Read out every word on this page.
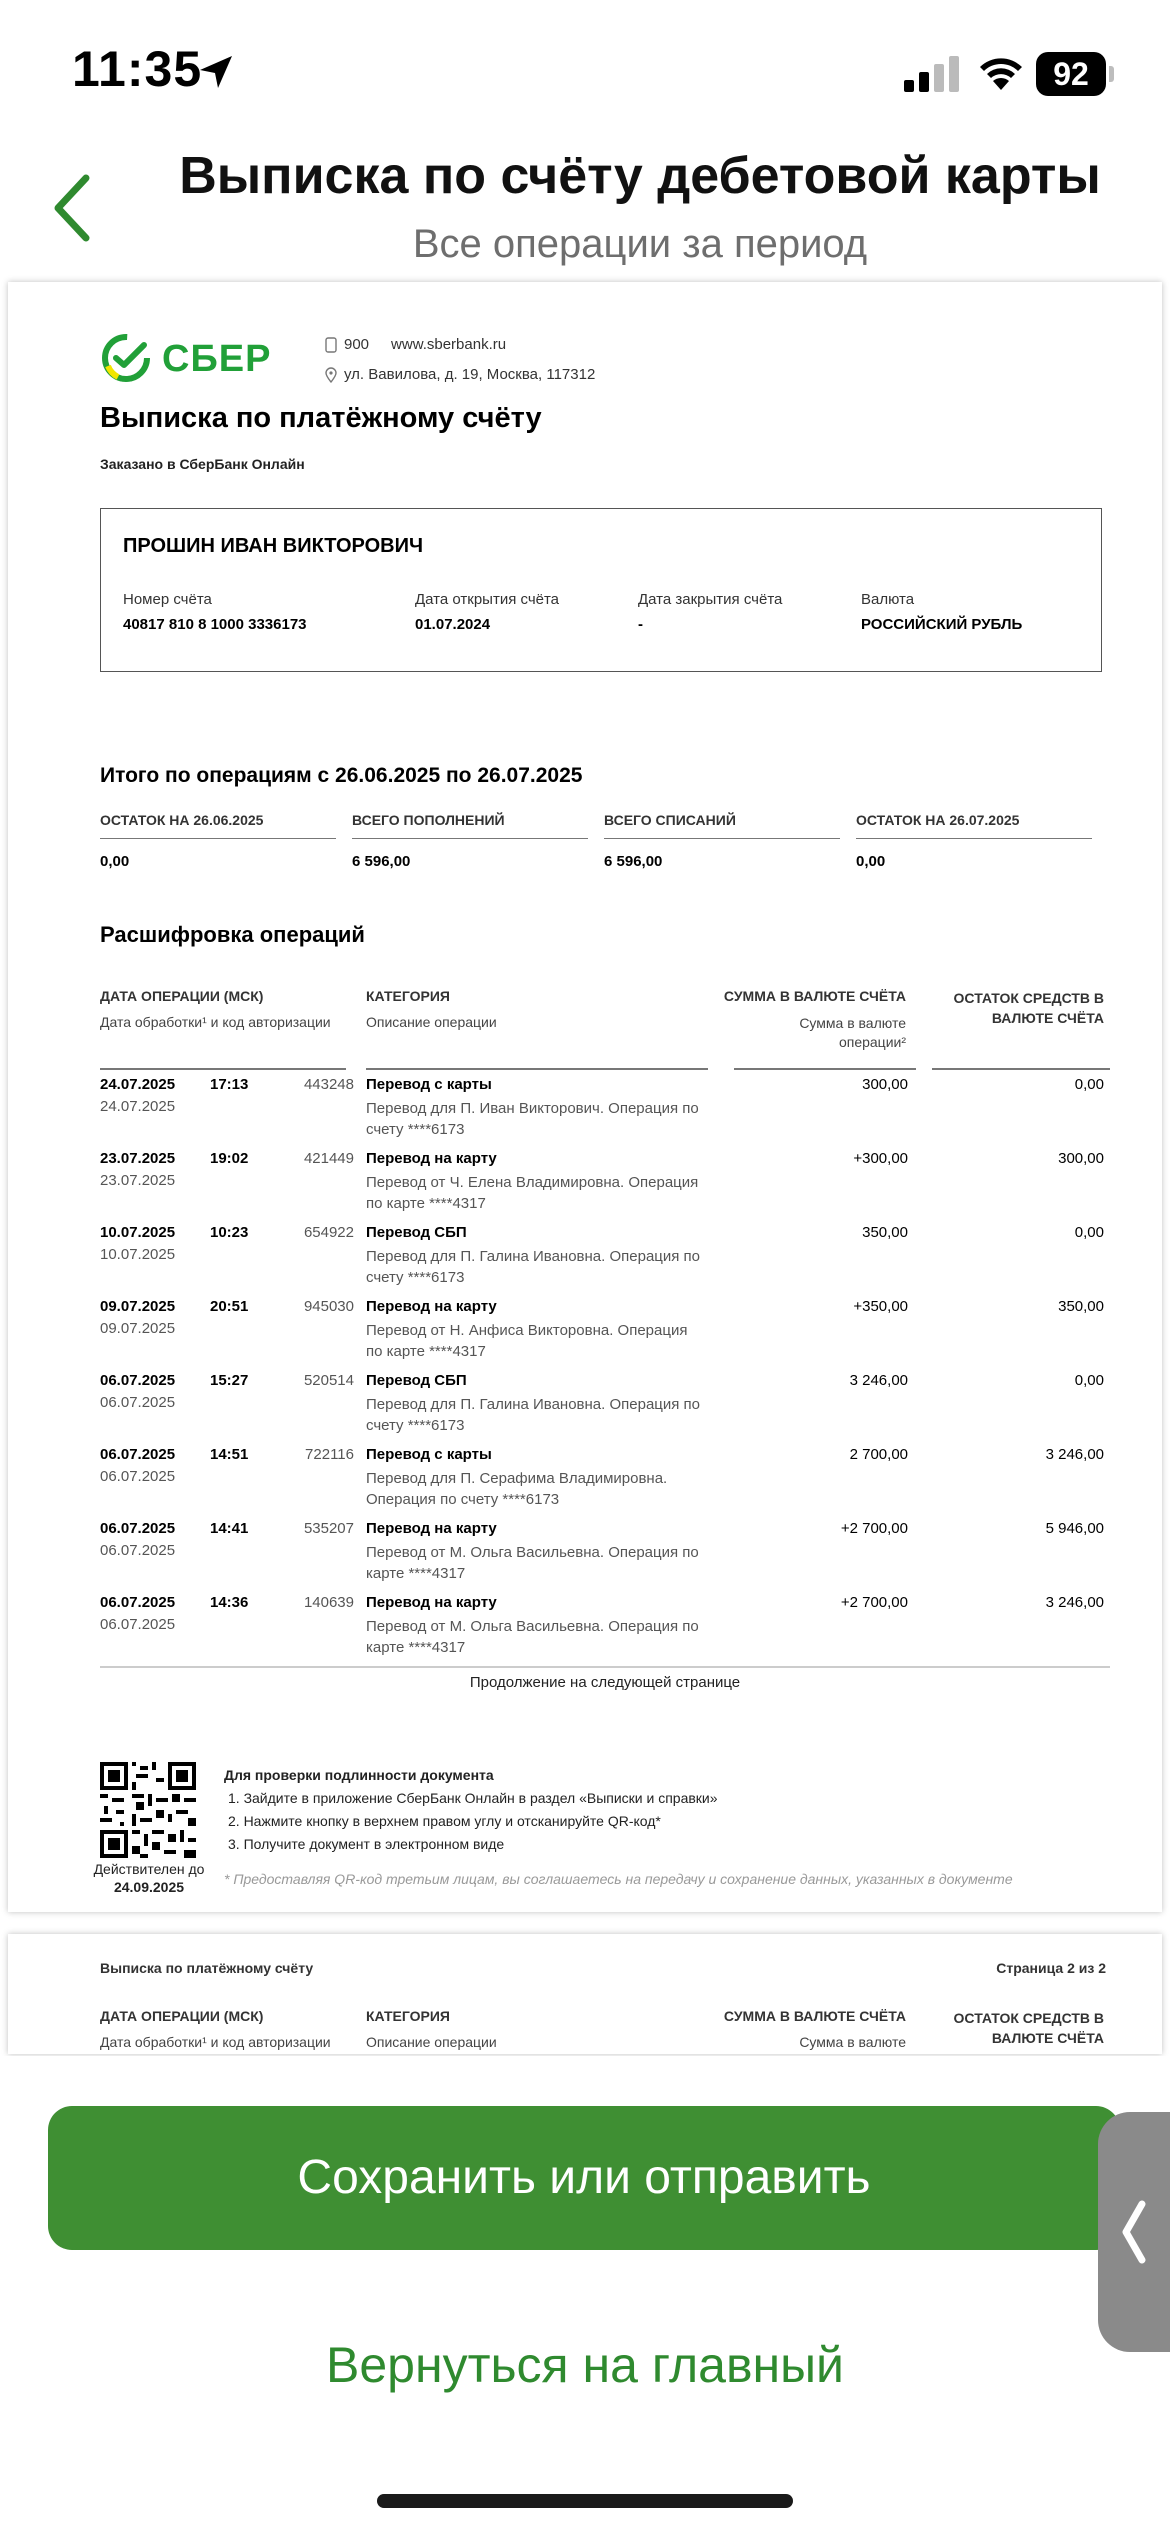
11:35	92
Выписка по счёту дебетовой карты
Все операции за период
СБЕР	900 www.sberbank.ru
ул. Вавилова, д. 19, Москва, 117312
Выписка по платёжному счёту
Заказано в СберБанк Онлайн
ПРОШИН ИВАН ВИКТОРОВИЧ
Номер счёта
40817 810 8 1000 3336173
Дата открытия счёта
01.07.2024
Дата закрытия счёта
-
Валюта
РОССИЙСКИЙ РУБЛЬ
Итого по операциям с 26.06.2025 по 26.07.2025
ОСТАТОК НА 26.06.2025
0,00
ВСЕГО ПОПОЛНЕНИЙ
6 596,00
ВСЕГО СПИСАНИЙ
6 596,00
ОСТАТОК НА 26.07.2025
0,00
Расшифровка операций
ДАТА ОПЕРАЦИИ (МСК)
Дата обработки¹ и код авторизации
КАТЕГОРИЯ
Описание операции
СУММА В ВАЛЮТЕ СЧЁТА
Сумма в валюте операции²
ОСТАТОК СРЕДСТВ В ВАЛЮТЕ СЧЁТА
24.07.2025
24.07.2025
17:13	443248 Перевод с карты
Перевод для П. Иван Викторович. Операция по счету ****6173
300,00	0,00
23.07.2025
23.07.2025
19:02	421449 Перевод на карту
Перевод от Ч. Елена Владимировна. Операция по карте ****4317
+300,00	300,00
10.07.2025
10.07.2025
10:23	654922 Перевод СБП
Перевод для П. Галина Ивановна. Операция по счету ****6173
350,00	0,00
09.07.2025
09.07.2025
20:51	945030 Перевод на карту
Перевод от Н. Анфиса Викторовна. Операция по карте ****4317
+350,00	350,00
06.07.2025
06.07.2025
15:27	520514 Перевод СБП
Перевод для П. Галина Ивановна. Операция по счету ****6173
3 246,00	0,00
06.07.2025
06.07.2025
14:51	722116 Перевод с карты
Перевод для П. Серафима Владимировна. Операция по счету ****6173
2 700,00	3 246,00
06.07.2025
06.07.2025
14:41	535207 Перевод на карту
Перевод от М. Ольга Васильевна. Операция по карте ****4317
+2 700,00	5 946,00
06.07.2025
06.07.2025
14:36	140639 Перевод на карту
Перевод от М. Ольга Васильевна. Операция по карте ****4317
+2 700,00	3 246,00
Продолжение на следующей странице
Действителен до 24.09.2025
Для проверки подлинности документа
1. Зайдите в приложение СберБанк Онлайн в раздел «Выписки и справки»
2. Нажмите кнопку в верхнем правом углу и отсканируйте QR-код*
3. Получите документ в электронном виде
* Предоставляя QR-код третьим лицам, вы соглашаетесь на передачу и сохранение данных, указанных в документе
Выписка по платёжному счёту	Страница 2 из 2
ДАТА ОПЕРАЦИИ (МСК)
Дата обработки¹ и код авторизации
КАТЕГОРИЯ
Описание операции
СУММА В ВАЛЮТЕ СЧЁТА
Сумма в валюте
ОСТАТОК СРЕДСТВ В ВАЛЮТЕ СЧЁТА
Сохранить или отправить
Вернуться на главный
